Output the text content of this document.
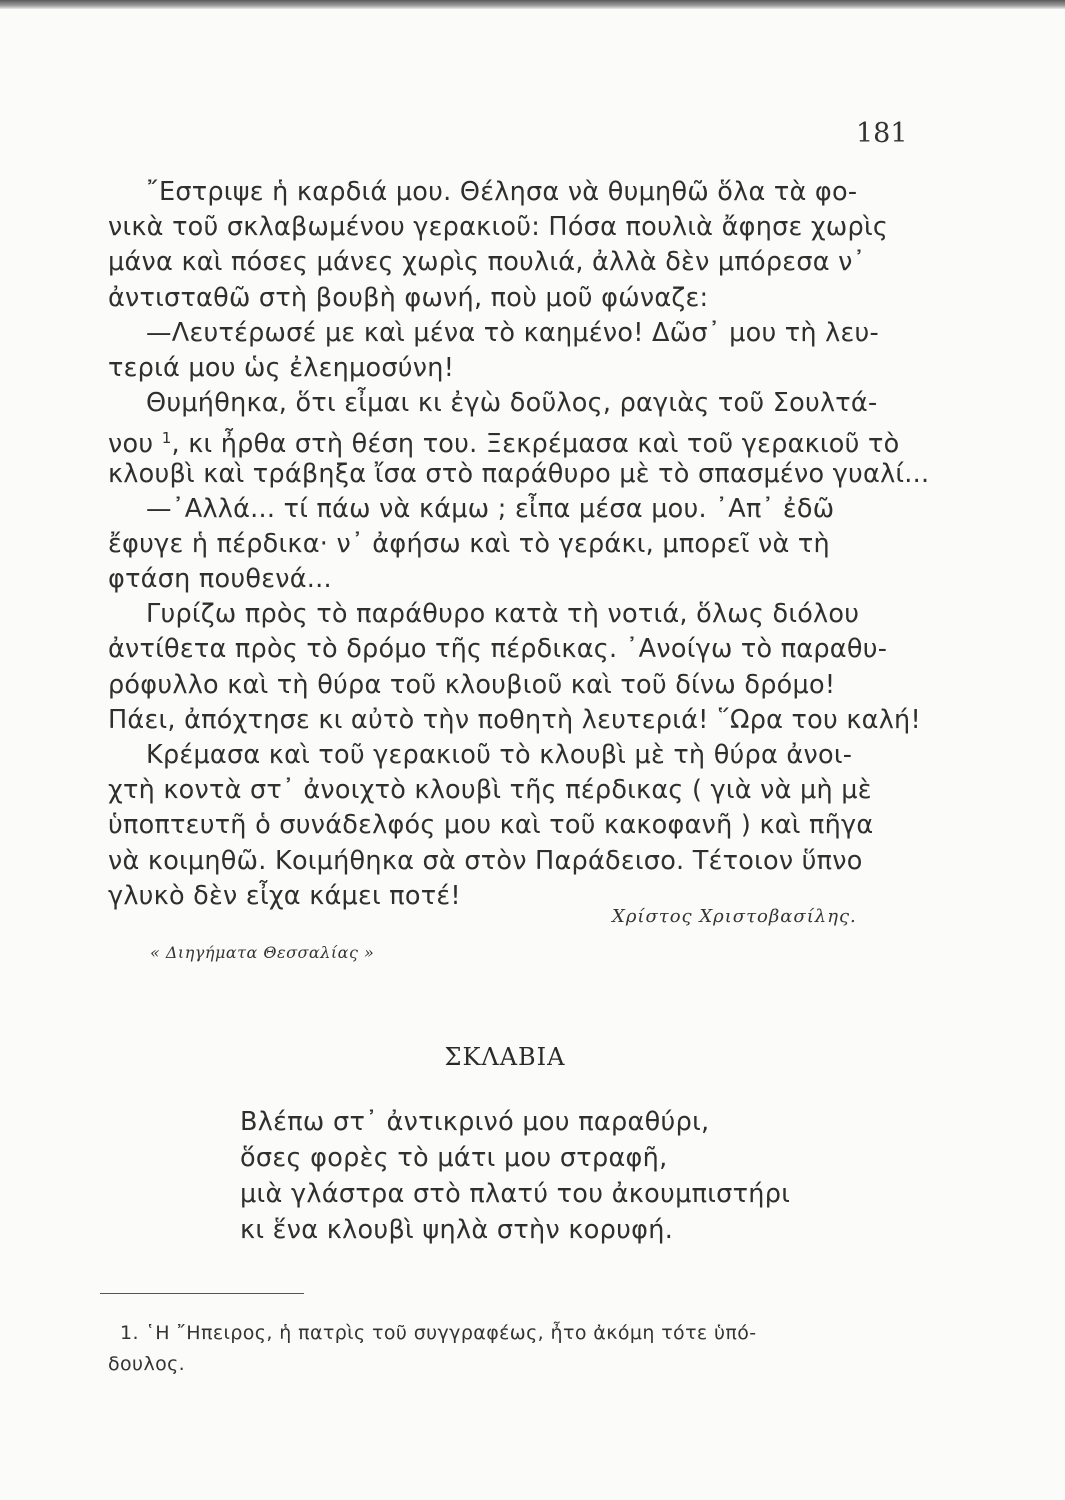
181
῎Εστριψε ἡ καρδιά μου. Θέλησα νὰ θυμηθῶ ὅλα τὰ φο-
νικὰ τοῦ σκλαβωμένου γερακιοῦ: Πόσα πουλιὰ ἄφησε χωρὶς
μάνα καὶ πόσες μάνες χωρὶς πουλιά, ἀλλὰ δὲν μπόρεσα ν᾿
ἀντισταθῶ στὴ βουβὴ φωνή, ποὺ μοῦ φώναζε:
—Λευτέρωσέ με καὶ μένα τὸ καημένο! Δῶσ᾿ μου τὴ λευ-
τεριά μου ὡς ἐλεημοσύνη!
Θυμήθηκα, ὅτι εἶμαι κι ἐγὼ δοῦλος, ραγιὰς τοῦ Σουλτά-
νου $^1$, κι ἦρθα στὴ θέση του. Ξεκρέμασα καὶ τοῦ γερακιοῦ τὸ
κλουβὶ καὶ τράβηξα ἴσα στὸ παράθυρο μὲ τὸ σπασμένο γυαλί...
—᾿Αλλά... τί πάω νὰ κάμω ; εἶπα μέσα μου. ᾿Απ᾿ ἐδῶ
ἔφυγε ἡ πέρδικα· ν᾿ ἀφήσω καὶ τὸ γεράκι, μπορεῖ νὰ τὴ
φτάση πουθενά...
Γυρίζω πρὸς τὸ παράθυρο κατὰ τὴ νοτιά, ὅλως διόλου
ἀντίθετα πρὸς τὸ δρόμο τῆς πέρδικας. ᾿Ανοίγω τὸ παραθυ-
ρόφυλλο καὶ τὴ θύρα τοῦ κλουβιοῦ καὶ τοῦ δίνω δρόμο!
Πάει, ἀπόχτησε κι αὐτὸ τὴν ποθητὴ λευτεριά! ῞Ωρα του καλή!
Κρέμασα καὶ τοῦ γερακιοῦ τὸ κλουβὶ μὲ τὴ θύρα ἀνοι-
χτὴ κοντὰ στ᾿ ἀνοιχτὸ κλουβὶ τῆς πέρδικας ( γιὰ νὰ μὴ μὲ
ὑποπτευτῆ ὁ συνάδελφός μου καὶ τοῦ κακοφανῆ ) καὶ πῆγα
νὰ κοιμηθῶ. Κοιμήθηκα σὰ στὸν Παράδεισο. Τέτοιον ὕπνο
γλυκὸ δὲν εἶχα κάμει ποτέ!
Χρίστος Χριστοβασίλης.
« Διηγήματα Θεσσαλίας »
ΣΚΛΑΒΙΑ
Βλέπω στ᾿ ἀντικρινό μου παραθύρι,
ὅσες φορὲς τὸ μάτι μου στραφῆ,
μιὰ γλάστρα στὸ πλατύ του ἀκουμπιστήρι
κι ἕνα κλουβὶ ψηλὰ στὴν κορυφή.
1. ῾Η ῎Ηπειρος, ἡ πατρὶς τοῦ συγγραφέως, ἦτο ἀκόμη τότε ὑπό-
δουλος.
